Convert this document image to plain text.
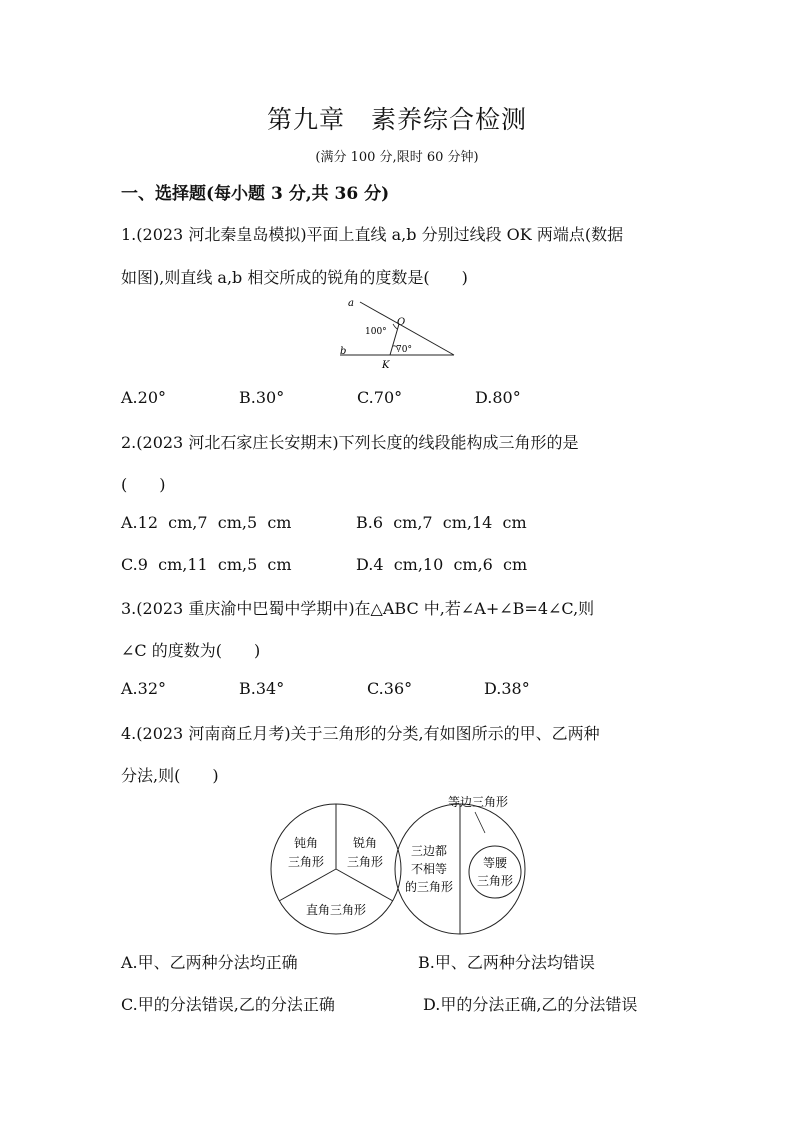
第九章　素养综合检测
(满分 100 分,限时 60 分钟)
一、选择题(每小题 3 分,共 36 分)
1.(2023 河北秦皇岛模拟)平面上直线 a,b 分别过线段 OK 两端点(数据
如图),则直线 a,b 相交所成的锐角的度数是(　　)
a
b
O
K
100°
70°
A.20°	B.30°	C.70°	D.80°
2.(2023 河北石家庄长安期末)下列长度的线段能构成三角形的是
(　　)
A.12  cm,7  cm,5  cm	B.6  cm,7  cm,14  cm
C.9  cm,11  cm,5  cm	D.4  cm,10  cm,6  cm
3.(2023 重庆渝中巴蜀中学期中)在△ABC 中,若∠A+∠B=4∠C,则
∠C 的度数为(　　)
A.32°	B.34°	C.36°	D.38°
4.(2023 河南商丘月考)关于三角形的分类,有如图所示的甲、乙两种
分法,则(　　)
钝角
三角形
锐角
三角形
直角三角形
等边三角形
三边都
不相等
的三角形
等腰
三角形
A.甲、乙两种分法均正确	B.甲、乙两种分法均错误
C.甲的分法错误,乙的分法正确	D.甲的分法正确,乙的分法错误
